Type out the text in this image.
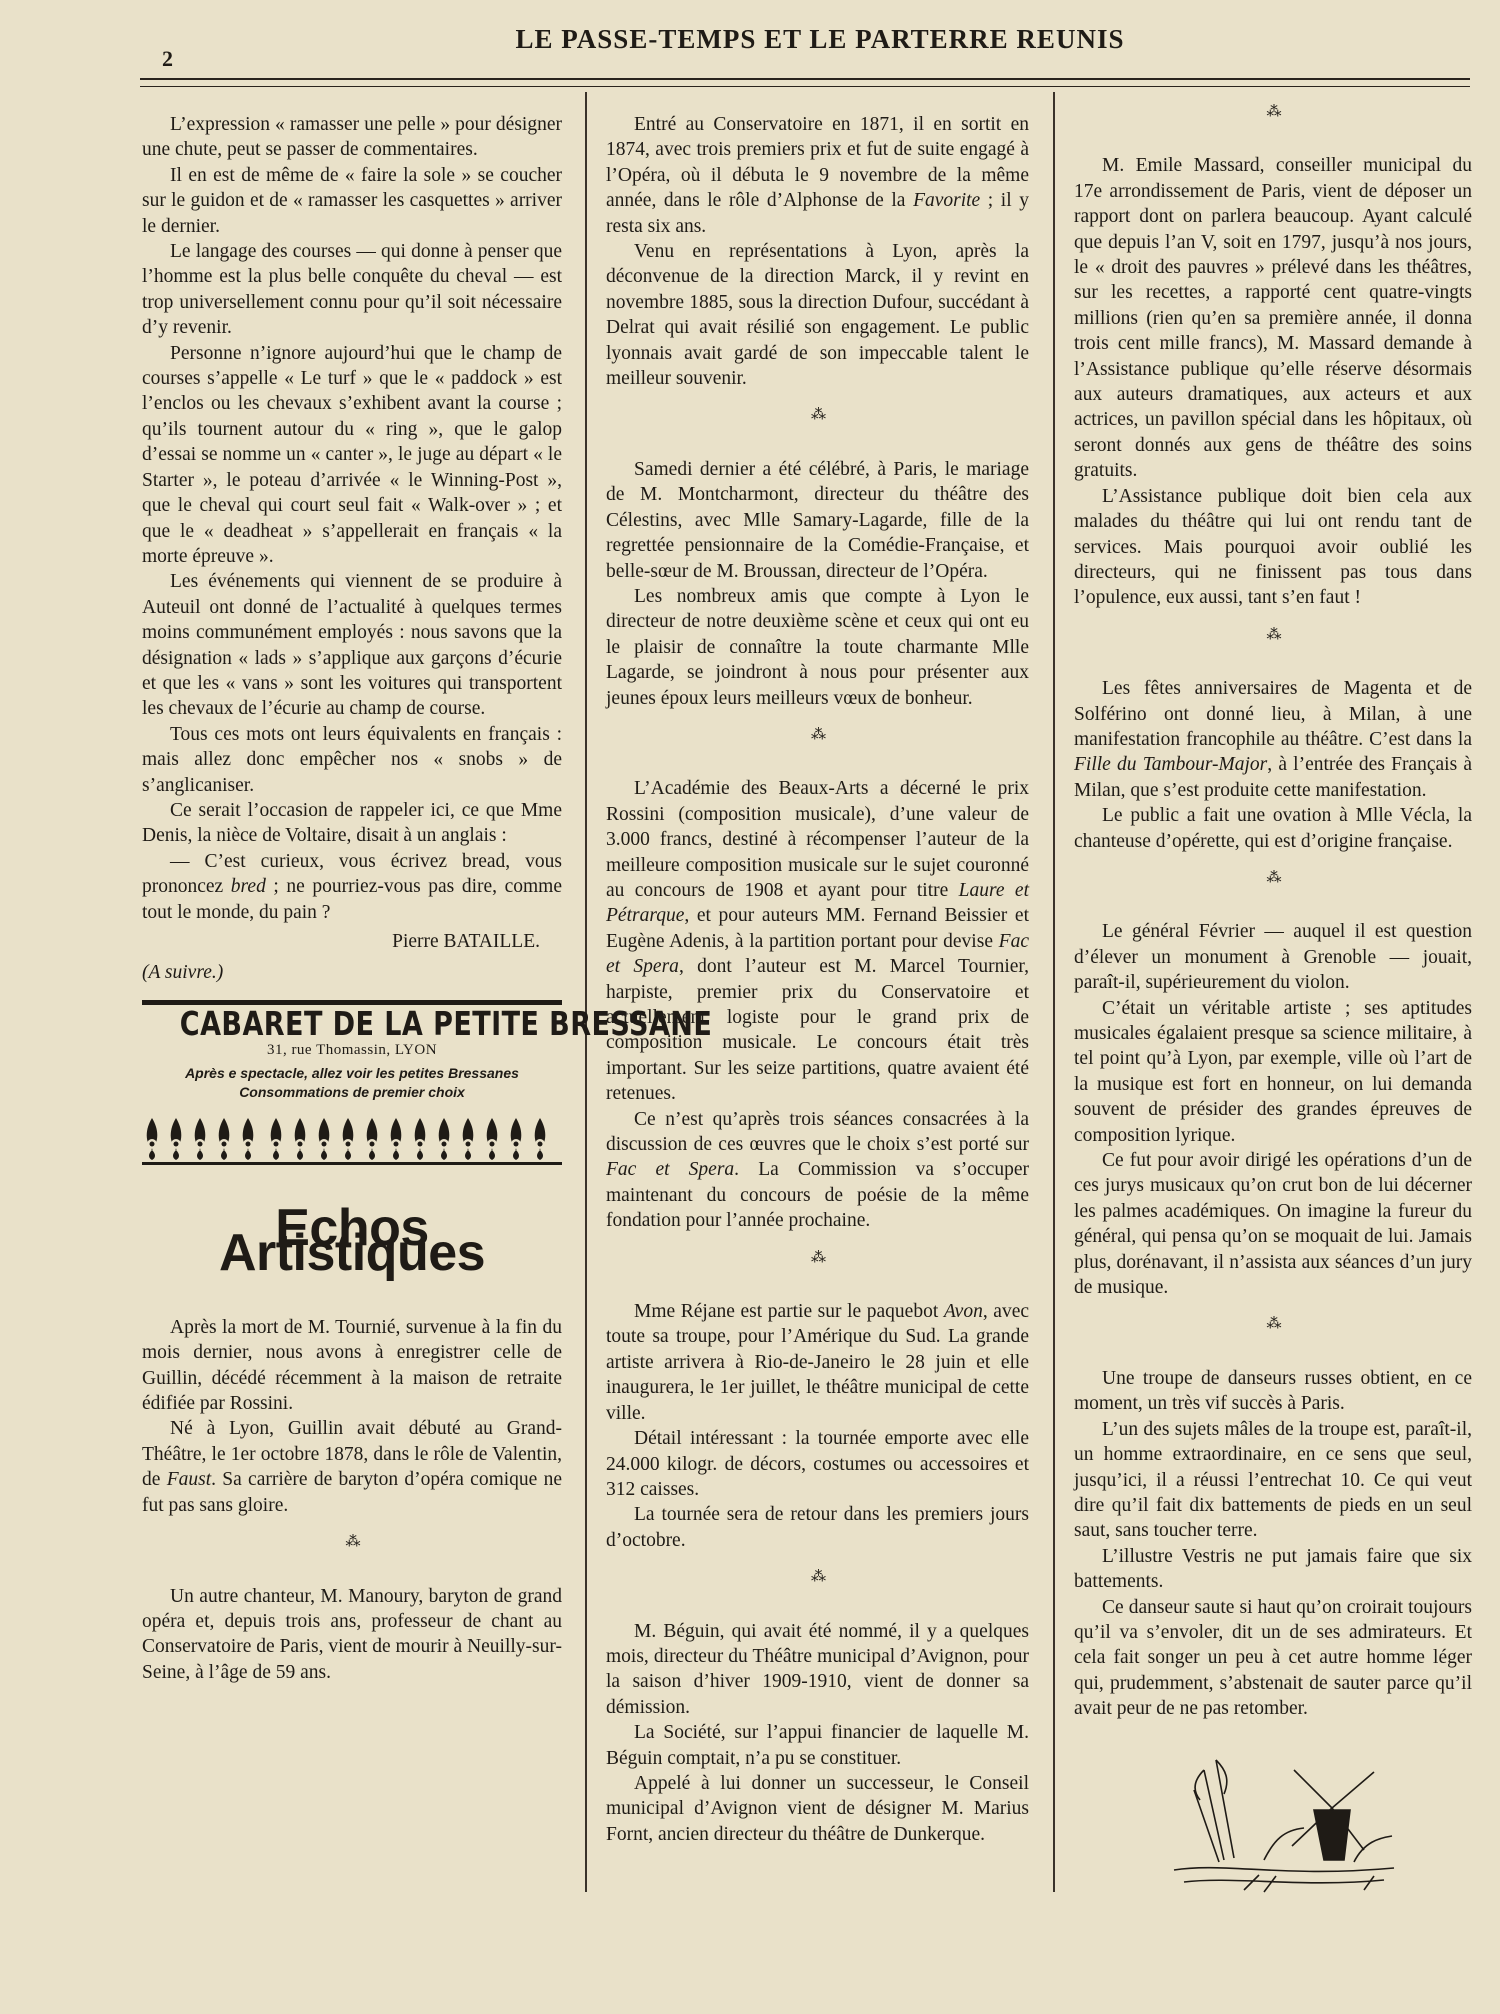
2
LE PASSE-TEMPS ET LE PARTERRE REUNIS

L’expression « ramasser une pelle » pour désigner une chute, peut se passer de commentaires.

Il en est de même de « faire la sole » se coucher sur le guidon et de « ramasser les casquettes » arriver le dernier.

Le langage des courses — qui donne à penser que l’homme est la plus belle conquête du cheval — est trop universellement connu pour qu’il soit nécessaire d’y revenir.

Personne n’ignore aujourd’hui que le champ de courses s’appelle « Le turf » que le « paddock » est l’enclos ou les chevaux s’exhibent avant la course ; qu’ils tournent autour du « ring », que le galop d’essai se nomme un « canter », le juge au départ « le Starter », le poteau d’arrivée « le Winning-Post », que le cheval qui court seul fait « Walk-over » ; et que le « deadheat » s’appellerait en français « la morte épreuve ».

Les événements qui viennent de se produire à Auteuil ont donné de l’actualité à quelques termes moins communément employés : nous savons que la désignation « lads » s’applique aux garçons d’écurie et que les « vans » sont les voitures qui transportent les chevaux de l’écurie au champ de course.

Tous ces mots ont leurs équivalents en français : mais allez donc empêcher nos « snobs » de s’anglicaniser.

Ce serait l’occasion de rappeler ici, ce que Mme Denis, la nièce de Voltaire, disait à un anglais :

— C’est curieux, vous écrivez bread, vous prononcez bred ; ne pourriez-vous pas dire, comme tout le monde, du pain ?

Pierre BATAILLE.
(A suivre.)
CABARET DE LA PETITE BRESSANE
31, rue Thomassin, LYON
Après e spectacle, allez voir les petites Bressanes
Consommations de premier choix
Echos Artistiques

Après la mort de M. Tournié, survenue à la fin du mois dernier, nous avons à enregistrer celle de Guillin, décédé récemment à la maison de retraite édifiée par Rossini.

Né à Lyon, Guillin avait débuté au Grand-Théâtre, le 1er octobre 1878, dans le rôle de Valentin, de Faust. Sa carrière de baryton d’opéra comique ne fut pas sans gloire.

⁂

Un autre chanteur, M. Manoury, baryton de grand opéra et, depuis trois ans, professeur de chant au Conservatoire de Paris, vient de mourir à Neuilly-sur-Seine, à l’âge de 59 ans.

Entré au Conservatoire en 1871, il en sortit en 1874, avec trois premiers prix et fut de suite engagé à l’Opéra, où il débuta le 9 novembre de la même année, dans le rôle d’Alphonse de la Favorite ; il y resta six ans.

Venu en représentations à Lyon, après la déconvenue de la direction Marck, il y revint en novembre 1885, sous la direction Dufour, succédant à Delrat qui avait résilié son engagement. Le public lyonnais avait gardé de son impeccable talent le meilleur souvenir.

⁂

Samedi dernier a été célébré, à Paris, le mariage de M. Montcharmont, directeur du théâtre des Célestins, avec Mlle Samary-Lagarde, fille de la regrettée pensionnaire de la Comédie-Française, et belle-sœur de M. Broussan, directeur de l’Opéra.

Les nombreux amis que compte à Lyon le directeur de notre deuxième scène et ceux qui ont eu le plaisir de connaître la toute charmante Mlle Lagarde, se joindront à nous pour présenter aux jeunes époux leurs meilleurs vœux de bonheur.

⁂

L’Académie des Beaux-Arts a décerné le prix Rossini (composition musicale), d’une valeur de 3.000 francs, destiné à récompenser l’auteur de la meilleure composition musicale sur le sujet couronné au concours de 1908 et ayant pour titre Laure et Pétrarque, et pour auteurs MM. Fernand Beissier et Eugène Adenis, à la partition portant pour devise Fac et Spera, dont l’auteur est M. Marcel Tournier, harpiste, premier prix du Conservatoire et actuellement logiste pour le grand prix de composition musicale. Le concours était très important. Sur les seize partitions, quatre avaient été retenues.

Ce n’est qu’après trois séances consacrées à la discussion de ces œuvres que le choix s’est porté sur Fac et Spera. La Commission va s’occuper maintenant du concours de poésie de la même fondation pour l’année prochaine.

⁂

Mme Réjane est partie sur le paquebot Avon, avec toute sa troupe, pour l’Amérique du Sud. La grande artiste arrivera à Rio-de-Janeiro le 28 juin et elle inaugurera, le 1er juillet, le théâtre municipal de cette ville.

Détail intéressant : la tournée emporte avec elle 24.000 kilogr. de décors, costumes ou accessoires et 312 caisses.

La tournée sera de retour dans les premiers jours d’octobre.

⁂

M. Béguin, qui avait été nommé, il y a quelques mois, directeur du Théâtre municipal d’Avignon, pour la saison d’hiver 1909-1910, vient de donner sa démission.

La Société, sur l’appui financier de laquelle M. Béguin comptait, n’a pu se constituer.

Appelé à lui donner un successeur, le Conseil municipal d’Avignon vient de désigner M. Marius Fornt, ancien directeur du théâtre de Dunkerque.

⁂

M. Emile Massard, conseiller municipal du 17e arrondissement de Paris, vient de déposer un rapport dont on parlera beaucoup. Ayant calculé que depuis l’an V, soit en 1797, jusqu’à nos jours, le « droit des pauvres » prélevé dans les théâtres, sur les recettes, a rapporté cent quatre-vingts millions (rien qu’en sa première année, il donna trois cent mille francs), M. Massard demande à l’Assistance publique qu’elle réserve désormais aux auteurs dramatiques, aux acteurs et aux actrices, un pavillon spécial dans les hôpitaux, où seront donnés aux gens de théâtre des soins gratuits.

L’Assistance publique doit bien cela aux malades du théâtre qui lui ont rendu tant de services. Mais pourquoi avoir oublié les directeurs, qui ne finissent pas tous dans l’opulence, eux aussi, tant s’en faut !

⁂

Les fêtes anniversaires de Magenta et de Solférino ont donné lieu, à Milan, à une manifestation francophile au théâtre. C’est dans la Fille du Tambour-Major, à l’entrée des Français à Milan, que s’est produite cette manifestation.

Le public a fait une ovation à Mlle Vécla, la chanteuse d’opérette, qui est d’origine française.

⁂

Le général Février — auquel il est question d’élever un monument à Grenoble — jouait, paraît-il, supérieurement du violon.

C’était un véritable artiste ; ses aptitudes musicales égalaient presque sa science militaire, à tel point qu’à Lyon, par exemple, ville où l’art de la musique est fort en honneur, on lui demanda souvent de présider des grandes épreuves de composition lyrique.

Ce fut pour avoir dirigé les opérations d’un de ces jurys musicaux qu’on crut bon de lui décerner les palmes académiques. On imagine la fureur du général, qui pensa qu’on se moquait de lui. Jamais plus, dorénavant, il n’assista aux séances d’un jury de musique.

⁂

Une troupe de danseurs russes obtient, en ce moment, un très vif succès à Paris.

L’un des sujets mâles de la troupe est, paraît-il, un homme extraordinaire, en ce sens que seul, jusqu’ici, il a réussi l’entrechat 10. Ce qui veut dire qu’il fait dix battements de pieds en un seul saut, sans toucher terre.

L’illustre Vestris ne put jamais faire que six battements.

Ce danseur saute si haut qu’on croirait toujours qu’il va s’envoler, dit un de ses admirateurs. Et cela fait songer un peu à cet autre homme léger qui, prudemment, s’abstenait de sauter parce qu’il avait peur de ne pas retomber.
